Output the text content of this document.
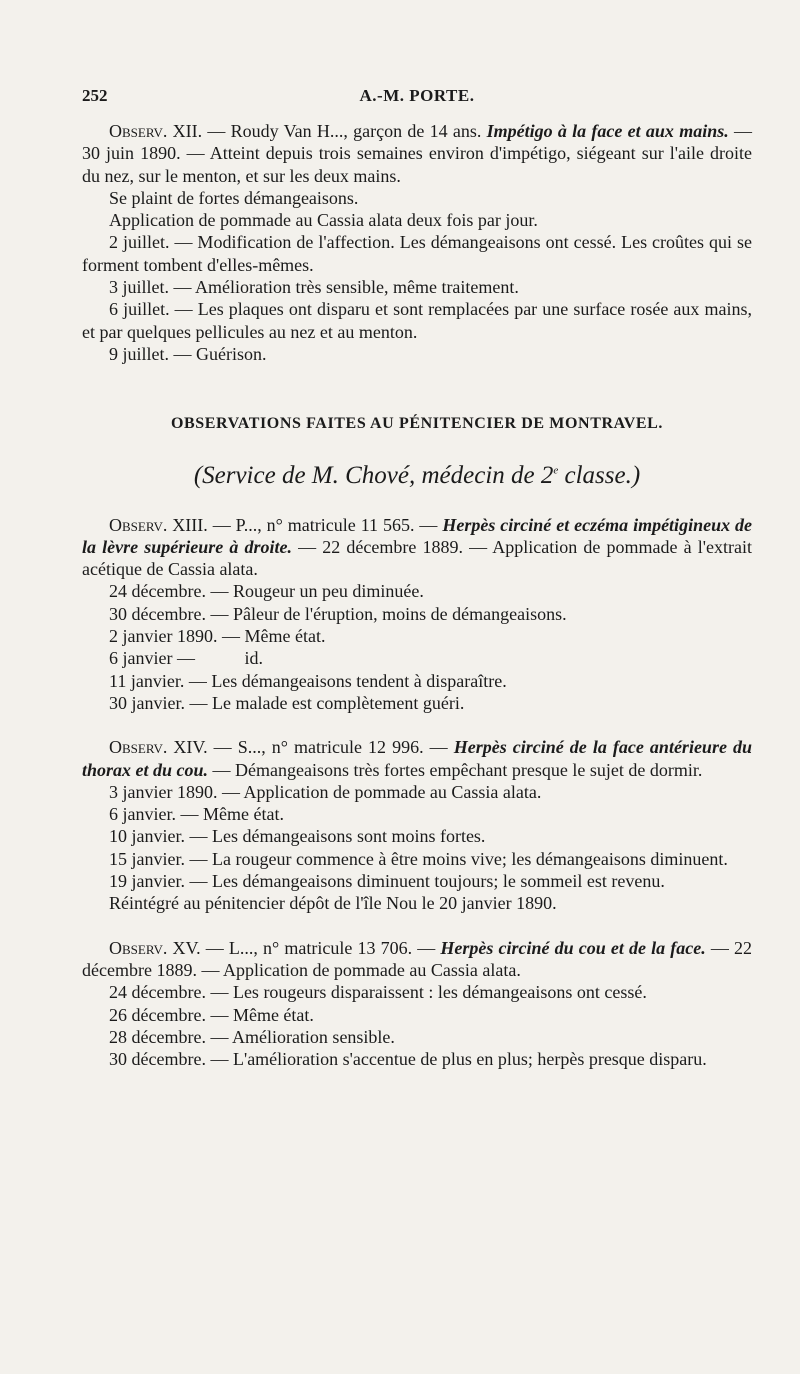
252	A.-M. PORTE.

Observ. XII. — Roudy Van H..., garçon de 14 ans. Impétigo à la face et aux mains. — 30 juin 1890. — Atteint depuis trois semaines environ d'impétigo, siégeant sur l'aile droite du nez, sur le menton, et sur les deux mains.

Se plaint de fortes démangeaisons.

Application de pommade au Cassia alata deux fois par jour.

2 juillet. — Modification de l'affection. Les démangeaisons ont cessé. Les croûtes qui se forment tombent d'elles-mêmes.

3 juillet. — Amélioration très sensible, même traitement.

6 juillet. — Les plaques ont disparu et sont remplacées par une surface rosée aux mains, et par quelques pellicules au nez et au menton.

9 juillet. — Guérison.

OBSERVATIONS FAITES AU PÉNITENCIER DE MONTRAVEL.

(Service de M. Chové, médecin de 2e classe.)

Observ. XIII. — P..., n° matricule 11 565. — Herpès circiné et eczéma impétigineux de la lèvre supérieure à droite. — 22 décembre 1889. — Application de pommade à l'extrait acétique de Cassia alata.

24 décembre. — Rougeur un peu diminuée.

30 décembre. — Pâleur de l'éruption, moins de démangeaisons.

2 janvier 1890. — Même état.

6 janvier —           id.

11 janvier. — Les démangeaisons tendent à disparaître.

30 janvier. — Le malade est complètement guéri.

Observ. XIV. — S..., n° matricule 12 996. — Herpès circiné de la face antérieure du thorax et du cou. — Démangeaisons très fortes empêchant presque le sujet de dormir.

3 janvier 1890. — Application de pommade au Cassia alata.

6 janvier. — Même état.

10 janvier. — Les démangeaisons sont moins fortes.

15 janvier. — La rougeur commence à être moins vive; les démangeaisons diminuent.

19 janvier. — Les démangeaisons diminuent toujours; le sommeil est revenu.

Réintégré au pénitencier dépôt de l'île Nou le 20 janvier 1890.

Observ. XV. — L..., n° matricule 13 706. — Herpès circiné du cou et de la face. — 22 décembre 1889. — Application de pommade au Cassia alata.

24 décembre. — Les rougeurs disparaissent : les démangeaisons ont cessé.

26 décembre. — Même état.

28 décembre. — Amélioration sensible.

30 décembre. — L'amélioration s'accentue de plus en plus; herpès presque disparu.
